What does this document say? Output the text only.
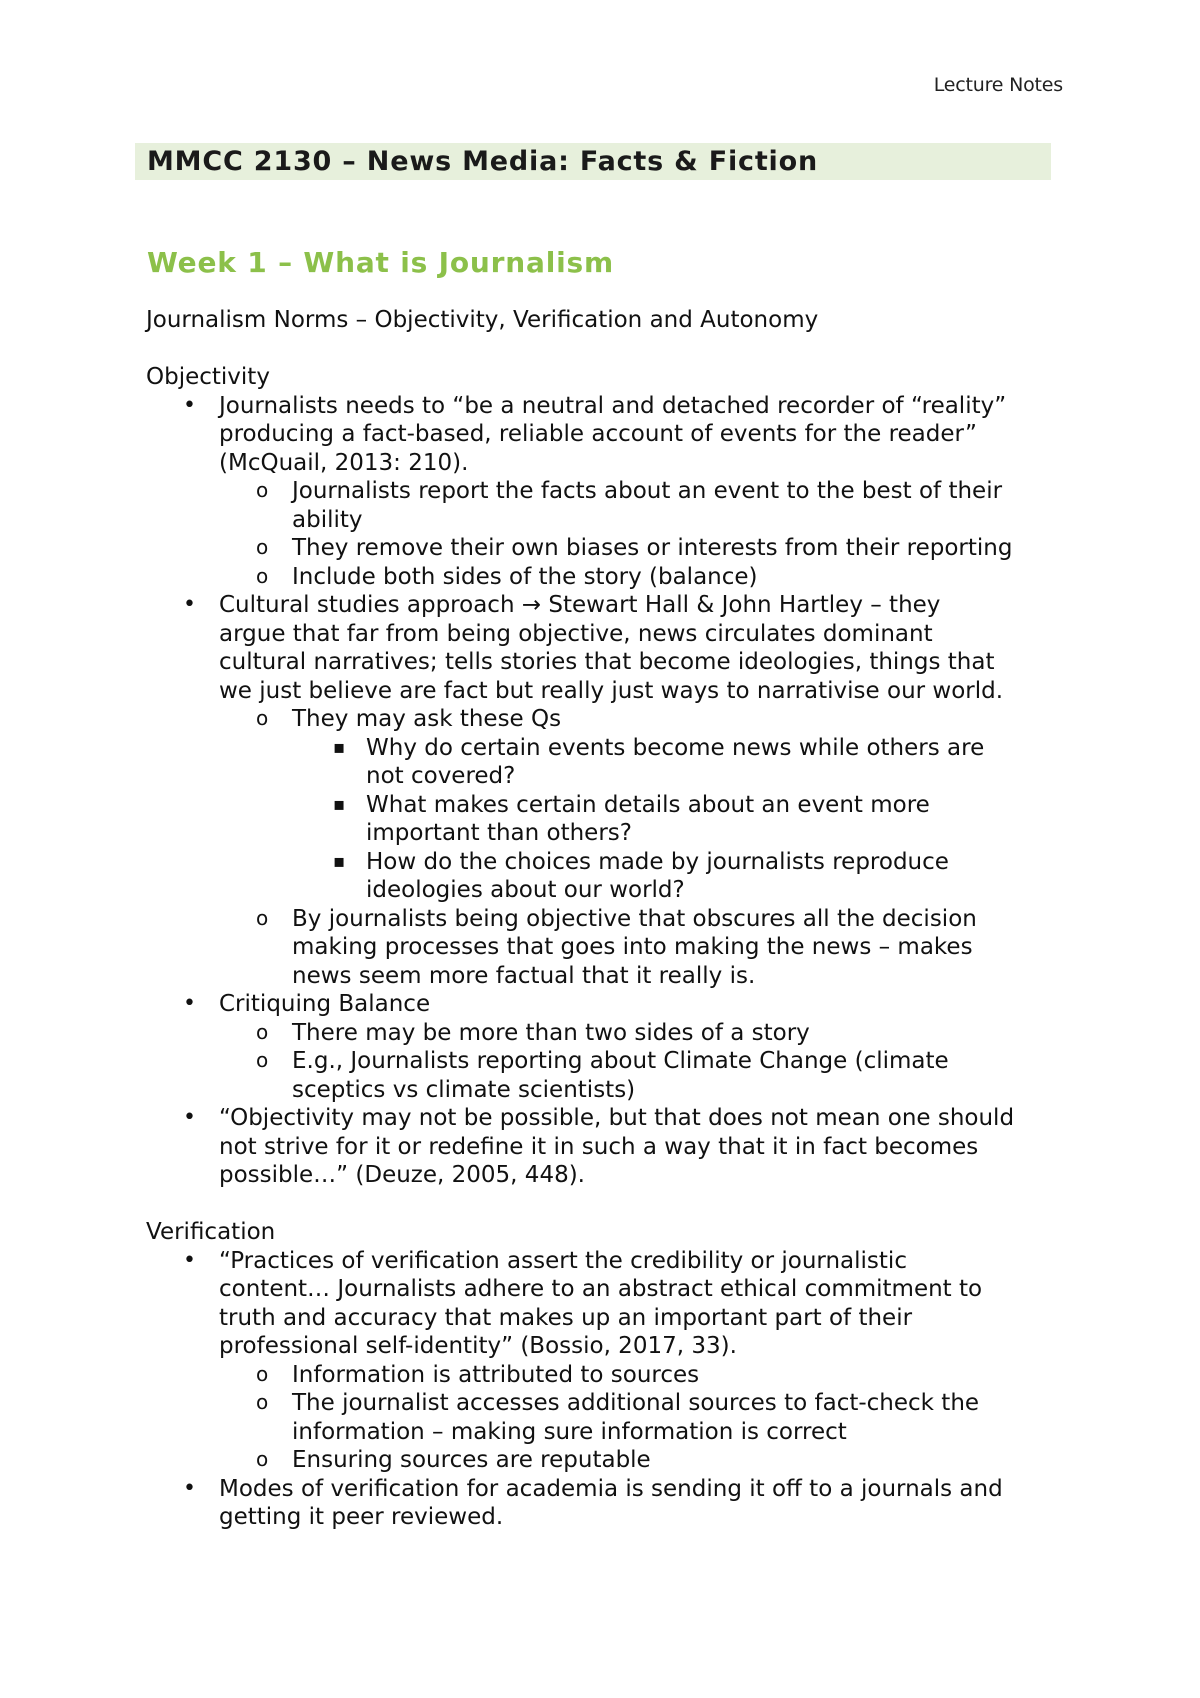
Lecture Notes
MMCC 2130 – News Media: Facts & Fiction
Week 1 – What is Journalism
Journalism Norms – Objectivity, Verification and Autonomy
Objectivity
• Journalists needs to “be a neutral and detached recorder of “reality”
producing a fact-based, reliable account of events for the reader”
(McQuail, 2013: 210).
o Journalists report the facts about an event to the best of their
ability
o They remove their own biases or interests from their reporting
o Include both sides of the story (balance)
• Cultural studies approach → Stewart Hall & John Hartley – they
argue that far from being objective, news circulates dominant
cultural narratives; tells stories that become ideologies, things that
we just believe are fact but really just ways to narrativise our world.
o They may ask these Qs
▪ Why do certain events become news while others are
not covered?
▪ What makes certain details about an event more
important than others?
▪ How do the choices made by journalists reproduce
ideologies about our world?
o By journalists being objective that obscures all the decision
making processes that goes into making the news – makes
news seem more factual that it really is.
• Critiquing Balance
o There may be more than two sides of a story
o E.g., Journalists reporting about Climate Change (climate
sceptics vs climate scientists)
• “Objectivity may not be possible, but that does not mean one should
not strive for it or redefine it in such a way that it in fact becomes
possible…” (Deuze, 2005, 448).
Verification
• “Practices of verification assert the credibility or journalistic
content… Journalists adhere to an abstract ethical commitment to
truth and accuracy that makes up an important part of their
professional self-identity” (Bossio, 2017, 33).
o Information is attributed to sources
o The journalist accesses additional sources to fact-check the
information – making sure information is correct
o Ensuring sources are reputable
• Modes of verification for academia is sending it off to a journals and
getting it peer reviewed.
